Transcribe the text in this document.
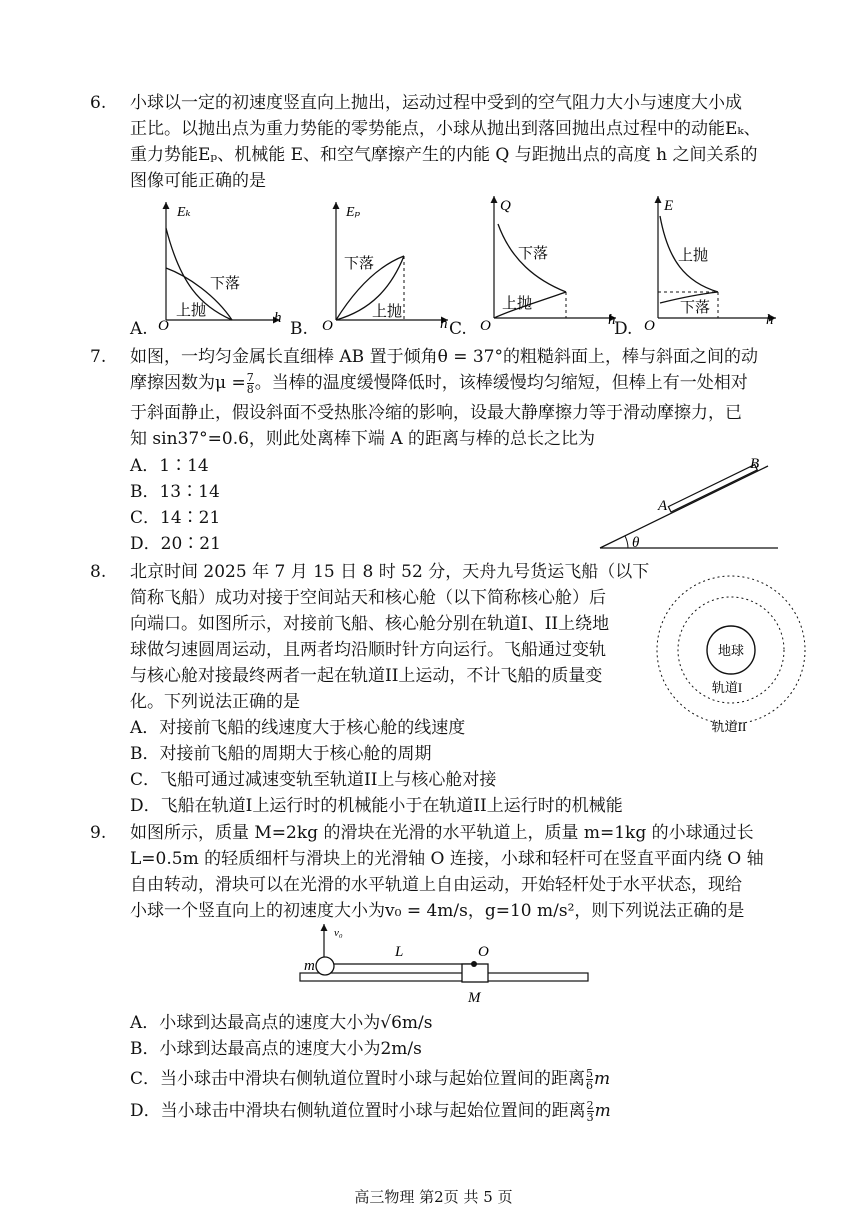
6. 小球以一定的初速度竖直向上抛出，运动过程中受到的空气阻力大小与速度大小成
正比。以抛出点为重力势能的零势能点，小球从抛出到落回抛出点过程中的动能Eₖ、
重力势能Eₚ、机械能 E、和空气摩擦产生的内能 Q 与距抛出点的高度 h 之间关系的
图像可能正确的是
A.
Eₖ
O	h
下落
上抛
B.
Eₚ
O	h
下落
上抛
C.
Q
O	h
下落
上抛
D.
E
O	h
上抛
下落
7. 如图，一均匀金属长直细棒 AB 置于倾角θ = 37°的粗糙斜面上，棒与斜面之间的动
摩擦因数为$\mu = \frac{7}{8}$ 。当棒的温度缓慢降低时，该棒缓慢均匀缩短，但棒上有一处相对
于斜面静止，假设斜面不受热胀冷缩的影响，设最大静摩擦力等于滑动摩擦力，已
知 sin37°=0.6，则此处离棒下端 A 的距离与棒的总长之比为
A．1∶14
B．13∶14
C．14∶21
D．20∶21	θ
A
B
8. 北京时间 2025 年 7 月 15 日 8 时 52 分，天舟九号货运飞船（以下
简称飞船）成功对接于空间站天和核心舱（以下简称核心舱）后
向端口。如图所示，对接前飞船、核心舱分别在轨道I、II上绕地
球做匀速圆周运动，且两者均沿顺时针方向运行。飞船通过变轨
与核心舱对接最终两者一起在轨道II上运动，不计飞船的质量变
化。下列说法正确的是
A．对接前飞船的线速度大于核心舱的线速度
B．对接前飞船的周期大于核心舱的周期
C．飞船可通过减速变轨至轨道II上与核心舱对接
D．飞船在轨道I上运行时的机械能小于在轨道II上运行时的机械能
地球
轨道I
轨道II
9. 如图所示，质量 M=2kg 的滑块在光滑的水平轨道上，质量 m=1kg 的小球通过长
L=0.5m 的轻质细杆与滑块上的光滑轴 O 连接，小球和轻杆可在竖直平面内绕 O 轴
自由转动，滑块可以在光滑的水平轨道上自由运动，开始轻杆处于水平状态，现给
小球一个竖直向上的初速度大小为v₀ = 4m/s，g=10 m/s²，则下列说法正确的是
v₀
m
L	O
M
A．小球到达最高点的速度大小为√6m/s
B．小球到达最高点的速度大小为2m/s
C．当小球击中滑块右侧轨道位置时小球与起始位置间的距离 $\frac{5}{6}$ m
D．当小球击中滑块右侧轨道位置时小球与起始位置间的距离 $\frac{2}{3}$ m
高三物理 第2页 共 5 页
